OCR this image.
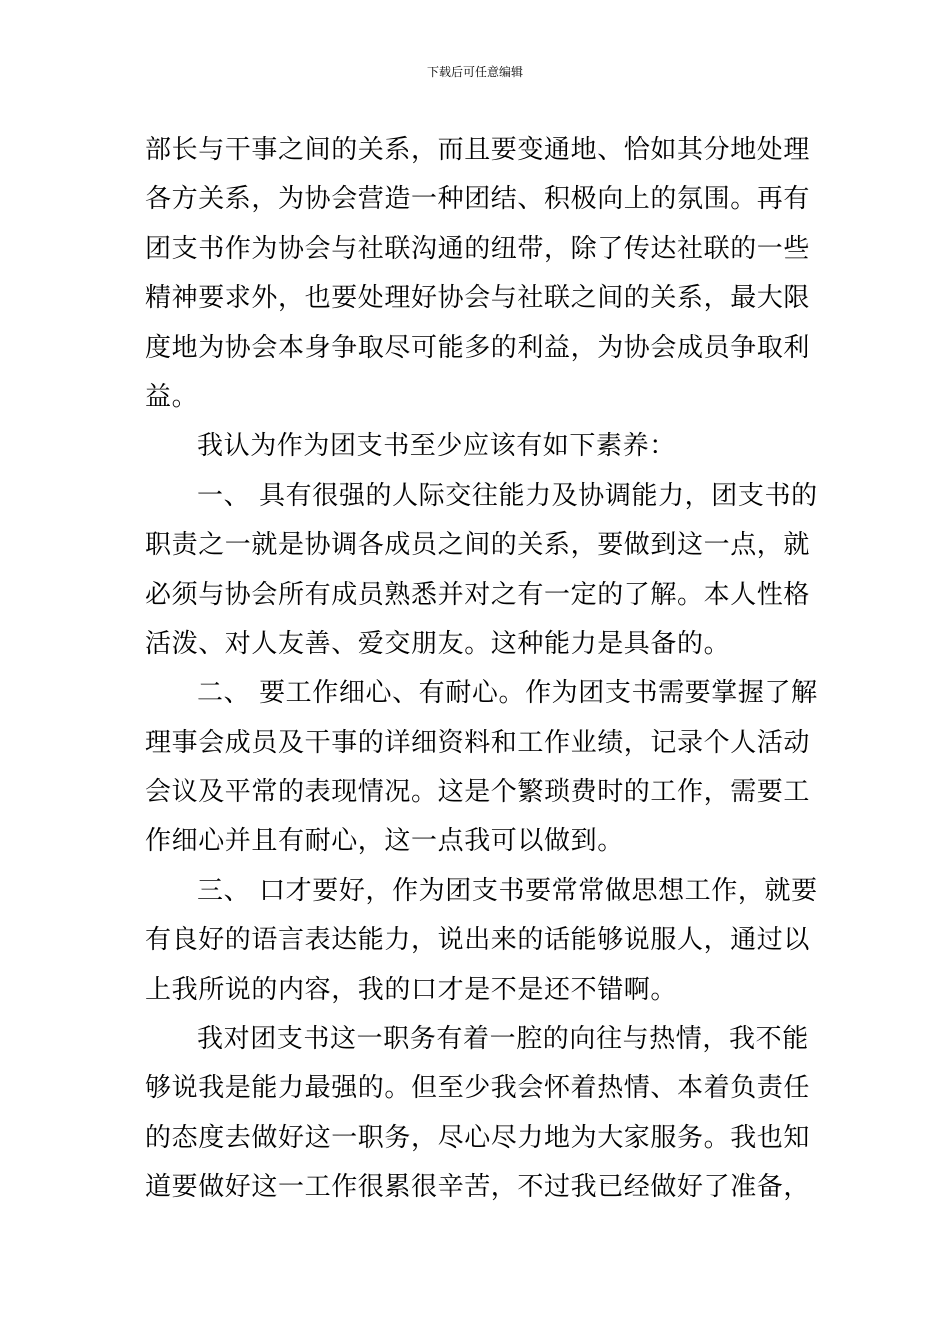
下载后可任意编辑
部长与干事之间的关系，而且要变通地、恰如其分地处理
各方关系，为协会营造一种团结、积极向上的氛围。再有
团支书作为协会与社联沟通的纽带，除了传达社联的一些
精神要求外，也要处理好协会与社联之间的关系，最大限
度地为协会本身争取尽可能多的利益，为协会成员争取利
益。
我认为作为团支书至少应该有如下素养：
一、 具有很强的人际交往能力及协调能力，团支书的
职责之一就是协调各成员之间的关系，要做到这一点，就
必须与协会所有成员熟悉并对之有一定的了解。本人性格
活泼、对人友善、爱交朋友。这种能力是具备的。
二、 要工作细心、有耐心。作为团支书需要掌握了解
理事会成员及干事的详细资料和工作业绩，记录个人活动
会议及平常的表现情况。这是个繁琐费时的工作，需要工
作细心并且有耐心，这一点我可以做到。
三、 口才要好，作为团支书要常常做思想工作，就要
有良好的语言表达能力，说出来的话能够说服人，通过以
上我所说的内容，我的口才是不是还不错啊。
我对团支书这一职务有着一腔的向往与热情，我不能
够说我是能力最强的。但至少我会怀着热情、本着负责任
的态度去做好这一职务，尽心尽力地为大家服务。我也知
道要做好这一工作很累很辛苦，不过我已经做好了准备，
